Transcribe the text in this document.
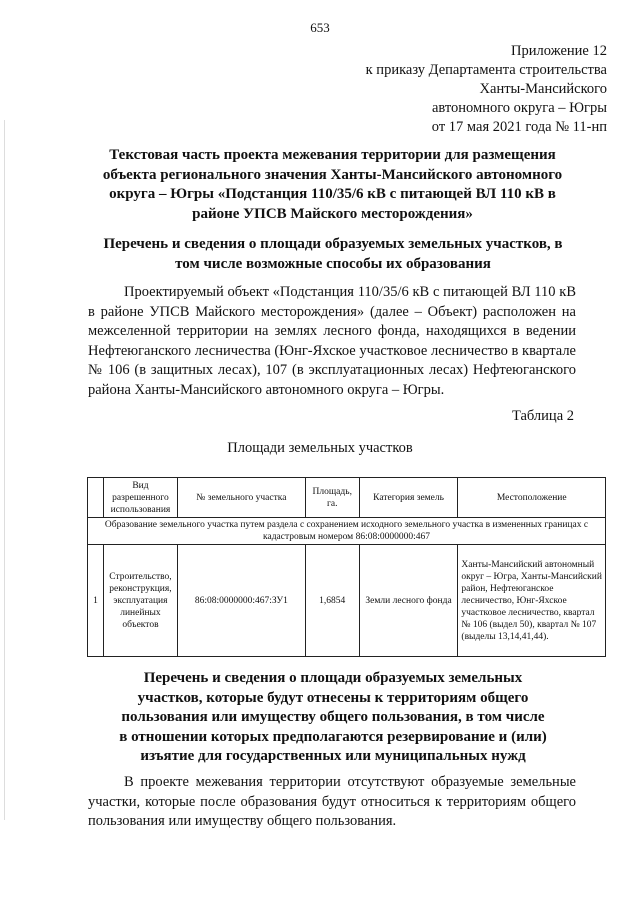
653
Приложение 12
к приказу Департамента строительства
Ханты-Мансийского
автономного округа – Югры
от 17 мая 2021 года № 11-нп
Текстовая часть проекта межевания территории для размещения объекта регионального значения Ханты-Мансийского автономного округа – Югры «Подстанция 110/35/6 кВ с питающей ВЛ 110 кВ в районе УПСВ Майского месторождения»
Перечень и сведения о площади образуемых земельных участков, в том числе возможные способы их образования
Проектируемый объект «Подстанция 110/35/6 кВ с питающей ВЛ 110 кВ в районе УПСВ Майского месторождения» (далее – Объект) расположен на межселенной территории на землях лесного фонда, находящихся в ведении Нефтеюганского лесничества (Юнг-Яхское участковое лесничество в квартале № 106 (в защитных лесах), 107 (в эксплуатационных лесах) Нефтеюганского района Ханты-Мансийского автономного округа – Югры.
Таблица 2
Площади земельных участков
	Вид разрешенного использования	№ земельного участка	Площадь, га.	Категория земель	Местоположение
Образование земельного участка путем раздела с сохранением исходного земельного участка в измененных границах с кадастровым номером 86:08:0000000:467					
1	Строительство, реконструкция, эксплуатация линейных объектов	86:08:0000000:467:ЗУ1	1,6854	Земли лесного фонда	Ханты-Мансийский автономный округ – Югра, Ханты-Мансийский район, Нефтеюганское лесничество, Юнг-Яхское участковое лесничество, квартал № 106 (выдел 50), квартал № 107 (выделы 13,14,41,44).
Перечень и сведения о площади образуемых земельных участков, которые будут отнесены к территориям общего пользования или имуществу общего пользования, в том числе в отношении которых предполагаются резервирование и (или) изъятие для государственных или муниципальных нужд
В проекте межевания территории отсутствуют образуемые земельные участки, которые после образования будут относиться к территориям общего пользования или имуществу общего пользования.
